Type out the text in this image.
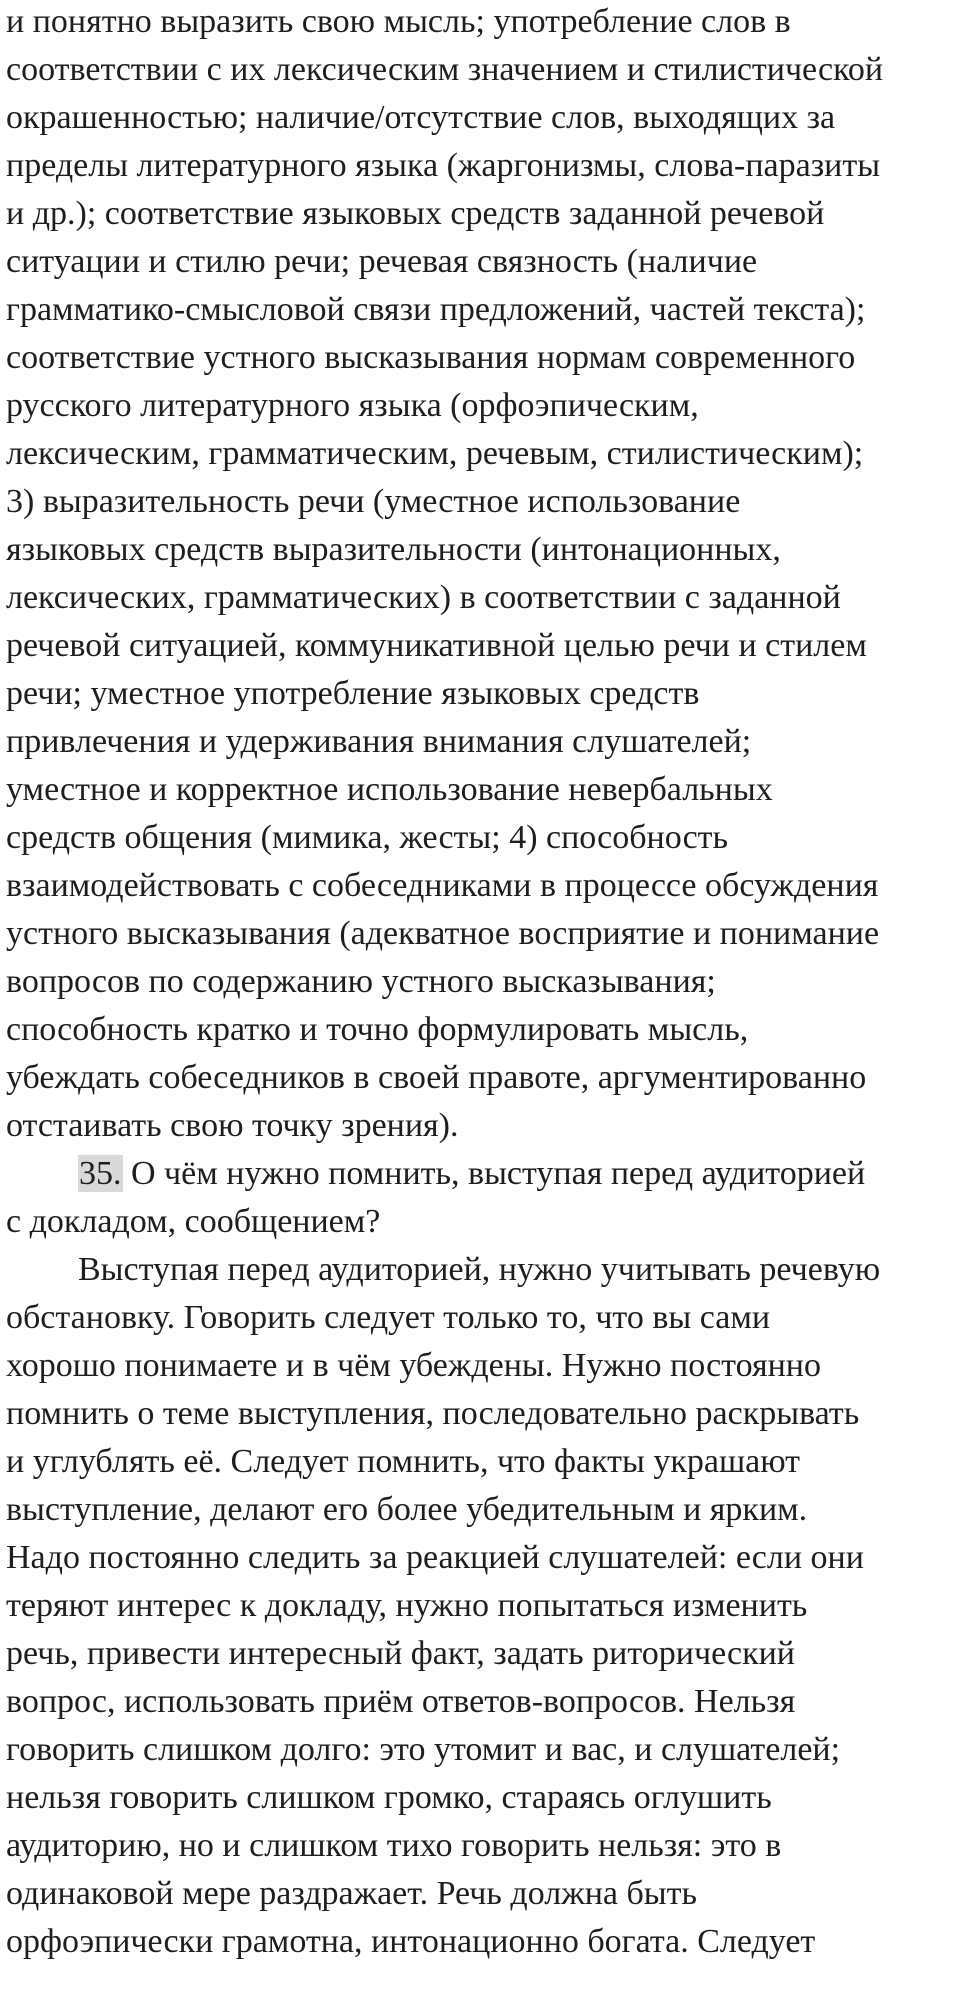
и понятно выразить свою мысль; употребление слов в
соответствии с их лексическим значением и стилистической
окрашенностью; наличие/отсутствие слов, выходящих за
пределы литературного языка (жаргонизмы, слова-паразиты
и др.); соответствие языковых средств заданной речевой
ситуации и стилю речи; речевая связность (наличие
грамматико-смысловой связи предложений, частей текста);
соответствие устного высказывания нормам современного
русского литературного языка (орфоэпическим,
лексическим, грамматическим, речевым, стилистическим);
3) выразительность речи (уместное использование
языковых средств выразительности (интонационных,
лексических, грамматических) в соответствии с заданной
речевой ситуацией, коммуникативной целью речи и стилем
речи; уместное употребление языковых средств
привлечения и удерживания внимания слушателей;
уместное и корректное использование невербальных
средств общения (мимика, жесты; 4) способность
взаимодействовать с собеседниками в процессе обсуждения
устного высказывания (адекватное восприятие и понимание
вопросов по содержанию устного высказывания;
способность кратко и точно формулировать мысль,
убеждать собеседников в своей правоте, аргументированно
отстаивать свою точку зрения).
35. О чём нужно помнить, выступая перед аудиторией
с докладом, сообщением?
Выступая перед аудиторией, нужно учитывать речевую
обстановку. Говорить следует только то, что вы сами
хорошо понимаете и в чём убеждены. Нужно постоянно
помнить о теме выступления, последовательно раскрывать
и углублять её. Следует помнить, что факты украшают
выступление, делают его более убедительным и ярким.
Надо постоянно следить за реакцией слушателей: если они
теряют интерес к докладу, нужно попытаться изменить
речь, привести интересный факт, задать риторический
вопрос, использовать приём ответов-вопросов. Нельзя
говорить слишком долго: это утомит и вас, и слушателей;
нельзя говорить слишком громко, стараясь оглушить
аудиторию, но и слишком тихо говорить нельзя: это в
одинаковой мере раздражает. Речь должна быть
орфоэпически грамотна, интонационно богата. Следует
